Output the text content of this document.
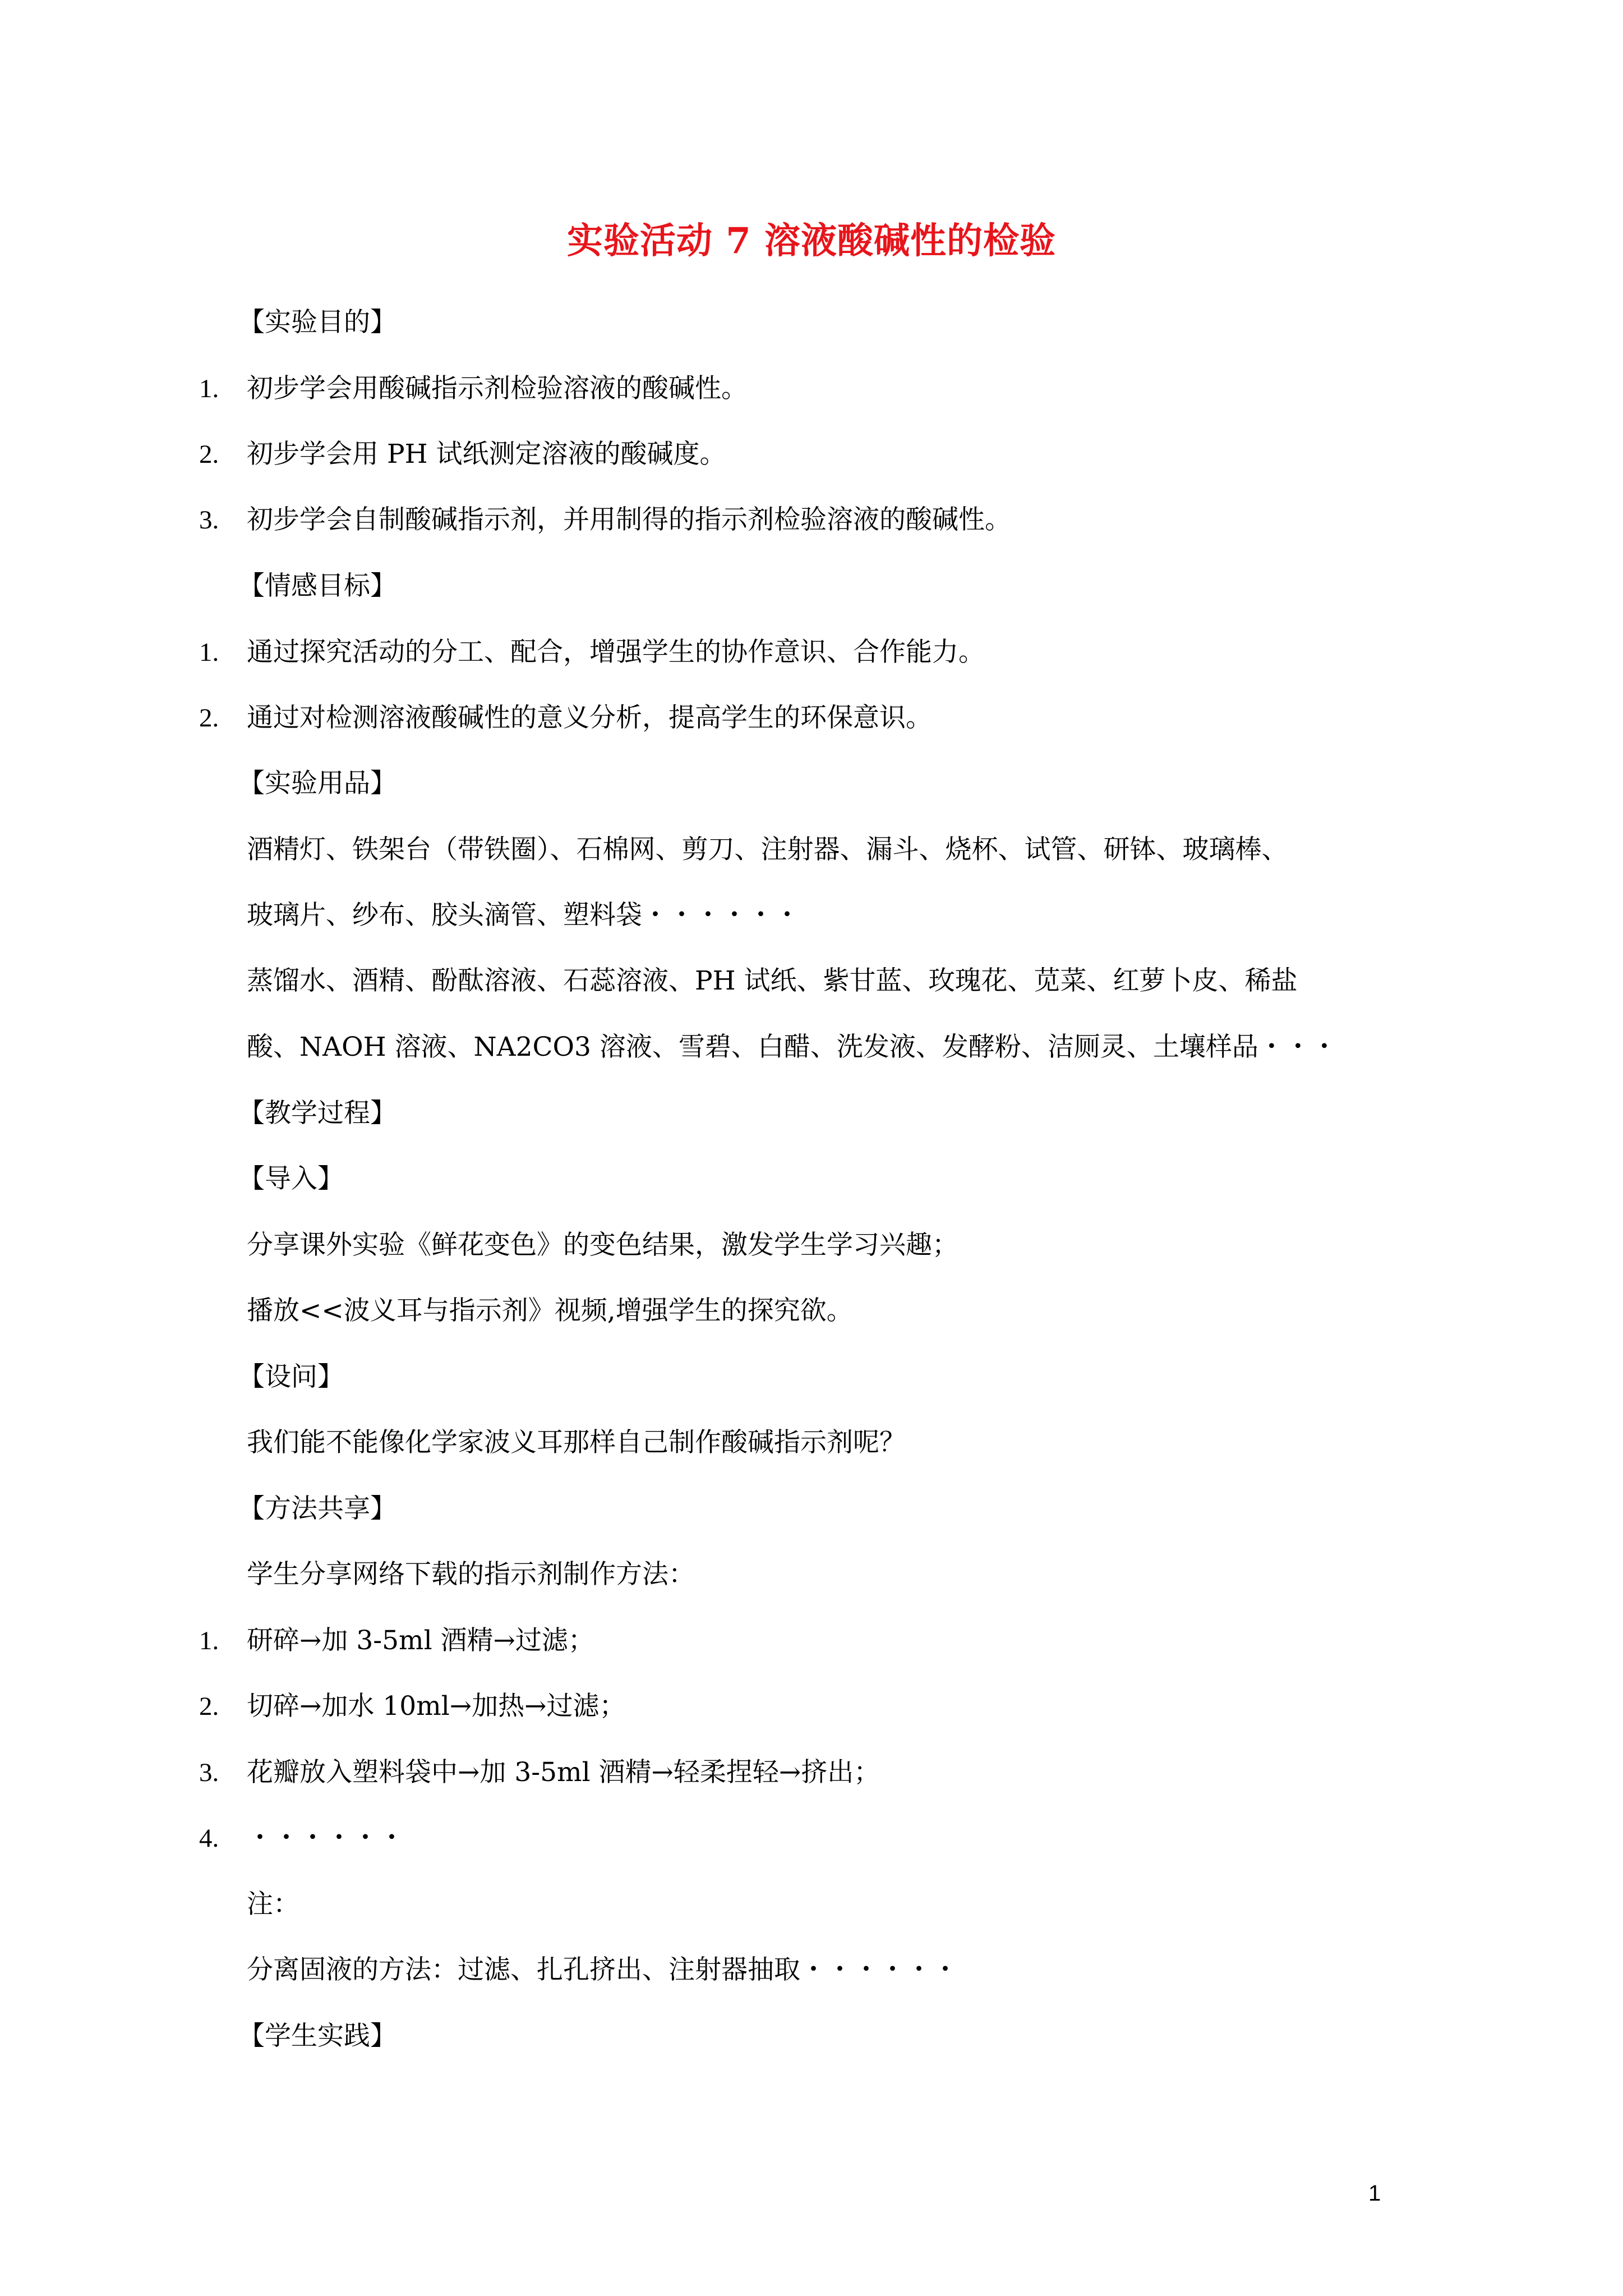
实验活动 7 溶液酸碱性的检验
【实验目的】
1. 初步学会用酸碱指示剂检验溶液的酸碱性。
2. 初步学会用 PH 试纸测定溶液的酸碱度。
3. 初步学会自制酸碱指示剂，并用制得的指示剂检验溶液的酸碱性。
【情感目标】
1. 通过探究活动的分工、配合，增强学生的协作意识、合作能力。
2. 通过对检测溶液酸碱性的意义分析，提高学生的环保意识。
【实验用品】
酒精灯、铁架台（带铁圈）、石棉网、剪刀、注射器、漏斗、烧杯、试管、研钵、玻璃棒、
玻璃片、纱布、胶头滴管、塑料袋・・・・・・
蒸馏水、酒精、酚酞溶液、石蕊溶液、PH 试纸、紫甘蓝、玫瑰花、苋菜、红萝卜皮、稀盐
酸、NAOH 溶液、NA2CO3 溶液、雪碧、白醋、洗发液、发酵粉、洁厕灵、土壤样品・・・
【教学过程】
【导入】
分享课外实验《鲜花变色》的变色结果，激发学生学习兴趣；
播放<<波义耳与指示剂》视频,增强学生的探究欲。
【设问】
我们能不能像化学家波义耳那样自己制作酸碱指示剂呢？
【方法共享】
学生分享网络下载的指示剂制作方法：
1. 研碎→加 3-5ml 酒精→过滤；
2. 切碎→加水 10ml→加热→过滤；
3. 花瓣放入塑料袋中→加 3-5ml 酒精→轻柔捏轻→挤出；
4. ・・・・・・
注：
分离固液的方法：过滤、扎孔挤出、注射器抽取・・・・・・
【学生实践】
1
